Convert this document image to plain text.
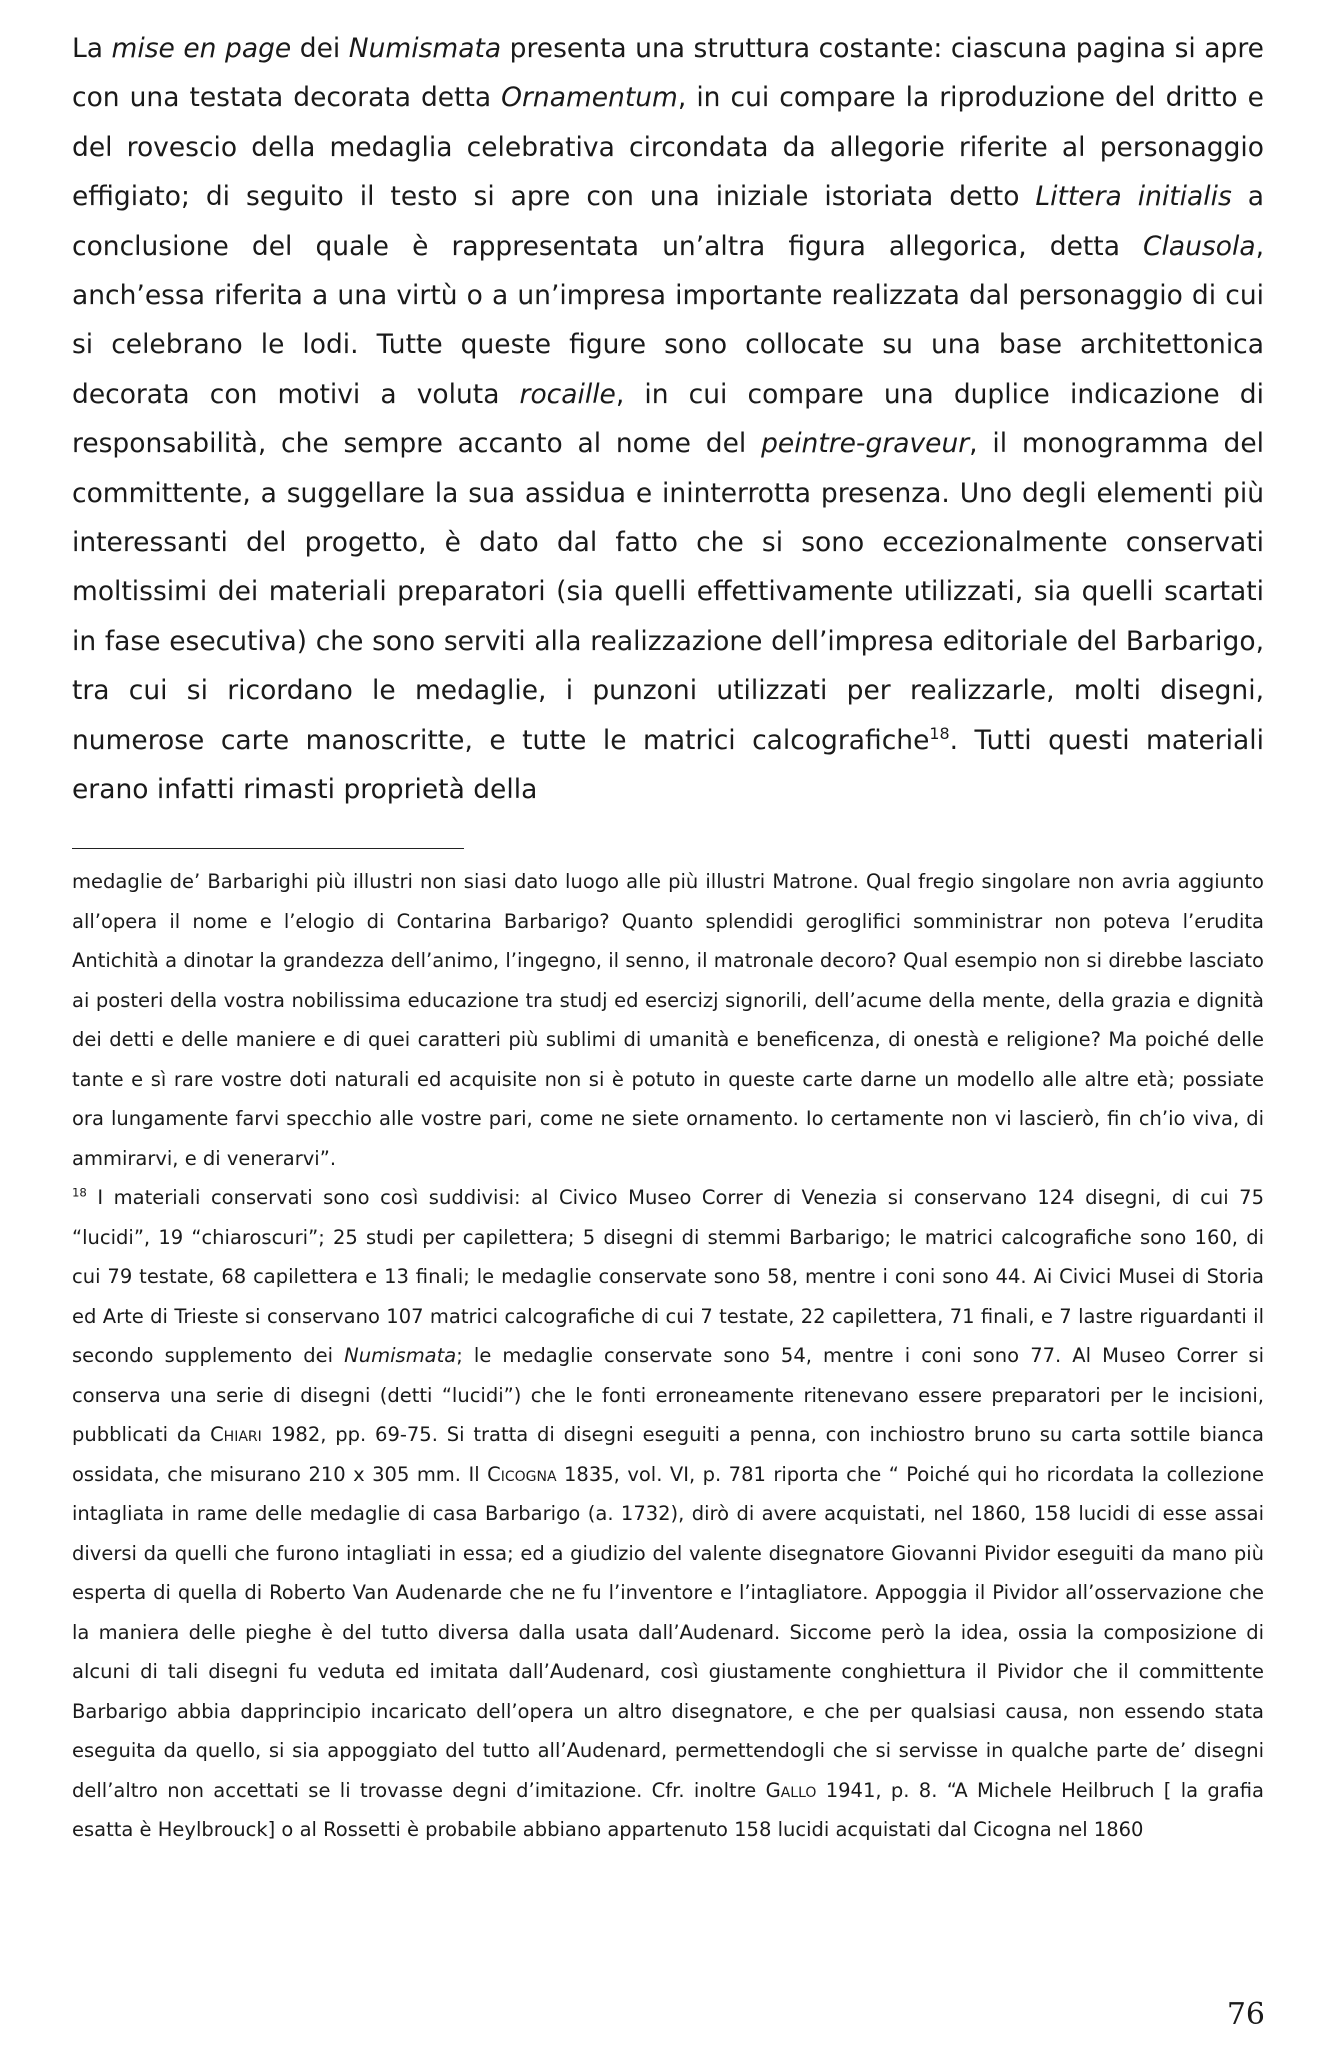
La mise en page dei Numismata presenta una struttura costante: ciascuna pagina si apre con una testata decorata detta Ornamentum, in cui compare la riproduzione del dritto e del rovescio della medaglia celebrativa circondata da allegorie riferite al personaggio effigiato; di seguito il testo si apre con una iniziale istoriata detto Littera initialis a conclusione del quale è rappresentata un’altra figura allegorica, detta Clausola, anch’essa riferita a una virtù o a un’impresa importante realizzata dal personaggio di cui si celebrano le lodi. Tutte queste figure sono collocate su una base architettonica decorata con motivi a voluta rocaille, in cui compare una duplice indicazione di responsabilità, che sempre accanto al nome del peintre-graveur, il monogramma del committente, a suggellare la sua assidua e ininterrotta presenza. Uno degli elementi più interessanti del progetto, è dato dal fatto che si sono eccezionalmente conservati moltissimi dei materiali preparatori (sia quelli effettivamente utilizzati, sia quelli scartati in fase esecutiva) che sono serviti alla realizzazione dell’impresa editoriale del Barbarigo, tra cui si ricordano le medaglie, i punzoni utilizzati per realizzarle, molti disegni, numerose carte manoscritte, e tutte le matrici calcografiche$^{18}$. Tutti questi materiali erano infatti rimasti proprietà della

medaglie de’ Barbarighi più illustri non siasi dato luogo alle più illustri Matrone. Qual fregio singolare non avria aggiunto all’opera il nome e l’elogio di Contarina Barbarigo? Quanto splendidi geroglifici somministrar non poteva l’erudita Antichità a dinotar la grandezza dell’animo, l’ingegno, il senno, il matronale decoro? Qual esempio non si direbbe lasciato ai posteri della vostra nobilissima educazione tra studj ed esercizj signorili, dell’acume della mente, della grazia e dignità dei detti e delle maniere e di quei caratteri più sublimi di umanità e beneficenza, di onestà e religione? Ma poiché delle tante e sì rare vostre doti naturali ed acquisite non si è potuto in queste carte darne un modello alle altre età; possiate ora lungamente farvi specchio alle vostre pari, come ne siete ornamento. Io certamente non vi lascierò, fin ch’io viva, di ammirarvi, e di venerarvi”.

$^{18}$ I materiali conservati sono così suddivisi: al Civico Museo Correr di Venezia si conservano 124 disegni, di cui 75 “lucidi”, 19 “chiaroscuri”; 25 studi per capilettera; 5 disegni di stemmi Barbarigo; le matrici calcografiche sono 160, di cui 79 testate, 68 capilettera e 13 finali; le medaglie conservate sono 58, mentre i coni sono 44. Ai Civici Musei di Storia ed Arte di Trieste si conservano 107 matrici calcografiche di cui 7 testate, 22 capilettera, 71 finali, e 7 lastre riguardanti il secondo supplemento dei Numismata; le medaglie conservate sono 54, mentre i coni sono 77. Al Museo Correr si conserva una serie di disegni (detti “lucidi”) che le fonti erroneamente ritenevano essere preparatori per le incisioni, pubblicati da Chiari 1982, pp. 69-75. Si tratta di disegni eseguiti a penna, con inchiostro bruno su carta sottile bianca ossidata, che misurano 210 x 305 mm. Il Cicogna 1835, vol. VI, p. 781 riporta che “ Poiché qui ho ricordata la collezione intagliata in rame delle medaglie di casa Barbarigo (a. 1732), dirò di avere acquistati, nel 1860, 158 lucidi di esse assai diversi da quelli che furono intagliati in essa; ed a giudizio del valente disegnatore Giovanni Pividor eseguiti da mano più esperta di quella di Roberto Van Audenarde che ne fu l’inventore e l’intagliatore. Appoggia il Pividor all’osservazione che la maniera delle pieghe è del tutto diversa dalla usata dall’Audenard. Siccome però la idea, ossia la composizione di alcuni di tali disegni fu veduta ed imitata dall’Audenard, così giustamente conghiettura il Pividor che il committente Barbarigo abbia dapprincipio incaricato dell’opera un altro disegnatore, e che per qualsiasi causa, non essendo stata eseguita da quello, si sia appoggiato del tutto all’Audenard, permettendogli che si servisse in qualche parte de’ disegni dell’altro non accettati se li trovasse degni d’imitazione. Cfr. inoltre Gallo 1941, p. 8. “A Michele Heilbruch [ la grafia esatta è Heylbrouck] o al Rossetti è probabile abbiano appartenuto 158 lucidi acquistati dal Cicogna nel 1860

76
